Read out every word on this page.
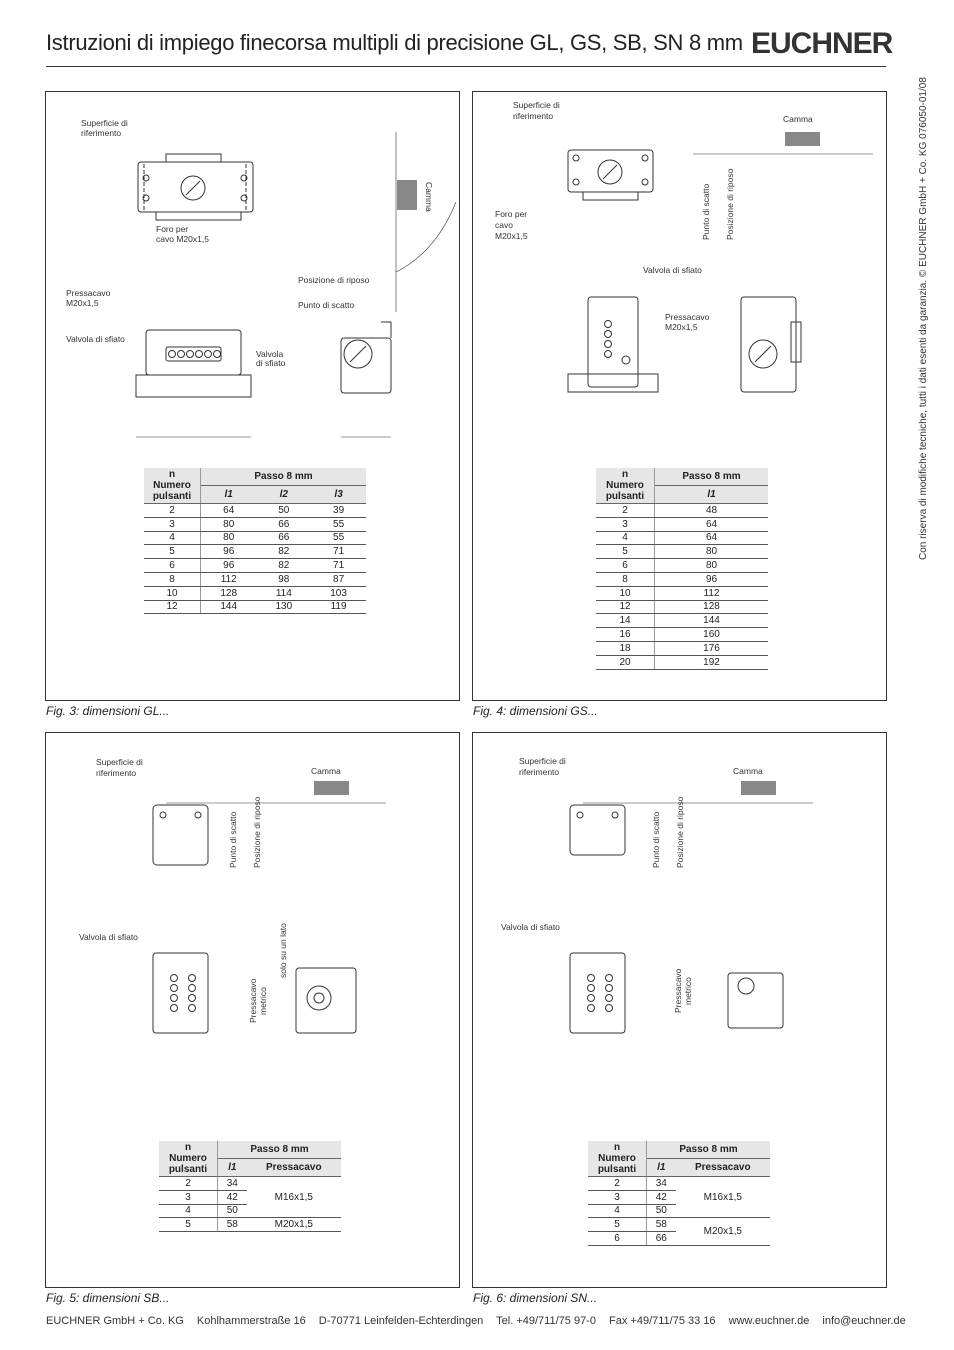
Istruzioni di impiego finecorsa multipli di precisione GL, GS, SB, SN 8 mm EUCHNER
Con riserva di modifiche tecniche, tutti i dati esenti da garanzia. © EUCHNER GmbH + Co. KG 076050-01/08
Superficie di
riferimento
Foro per
cavo M20x1,5
Pressacavo
M20x1,5
Valvola di sfiato
Valvola
di sfiato
Posizione di riposo
Punto di scatto
Camma
n
Numero
pulsanti	Passo 8 mm		
	l1	l2	l3
2	64	50	39
3	80	66	55
4	80	66	55
5	96	82	71
6	96	82	71
8	112	98	87
10	128	114	103
12	144	130	119
Fig. 3: dimensioni GL...
Superficie di
riferimento	Camma
Foro per
cavo
M20x1,5
Valvola di sfiato
Pressacavo
M20x1,5
Punto di scatto Posizione di riposo
n
Numero
pulsanti	Passo 8 mm
	l1
2	48
3	64
4	64
5	80
6	80
8	96
10	112
12	128
14	144
16	160
18	176
20	192
Fig. 4: dimensioni GS...
Superficie di
riferimento	Camma
Valvola di sfiato
Punto di scatto Posizione di riposo
Pressacavo metrico
solo su un lato
n
Numero
pulsanti	Passo 8 mm	
	l1	Pressacavo
2	34	M16x1,5
3	42	
4	50	
5	58	M20x1,5
Fig. 5: dimensioni SB...
Superficie di
riferimento	Camma
Valvola di sfiato
Punto di scatto Posizione di riposo
Pressacavo metrico
n
Numero
pulsanti	Passo 8 mm	
	l1	Pressacavo
2	34	M16x1,5
3	42	
4	50	
5	58	M20x1,5
6	66	
Fig. 6: dimensioni SN...
EUCHNER GmbH + Co. KG Kohlhammerstraße 16 D-70771 Leinfelden-Echterdingen Tel. +49/711/75 97-0 Fax +49/711/75 33 16 www.euchner.de info@euchner.de
